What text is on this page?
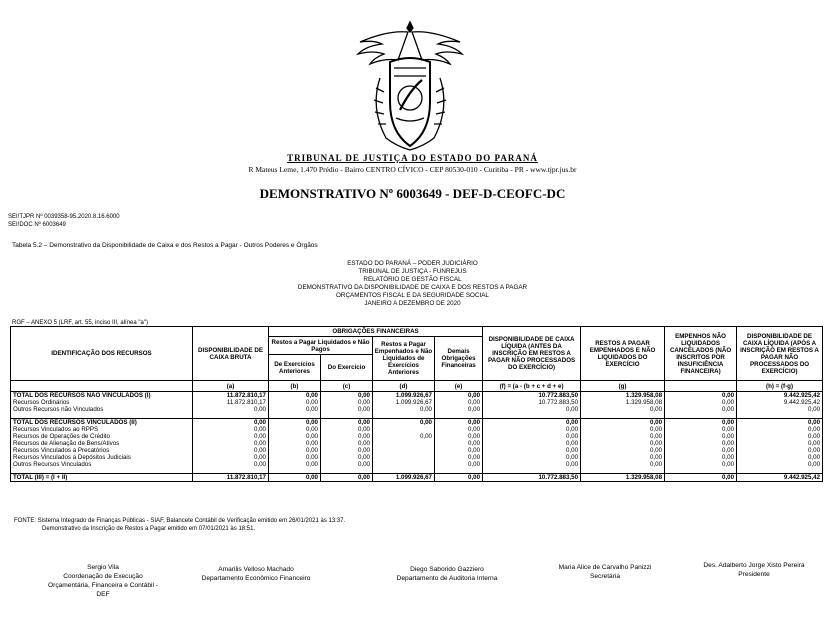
TRIBUNAL DE JUSTIÇA DO ESTADO DO PARANÁ
R Mateus Leme, 1.470 Prédio - Bairro CENTRO CÍVICO - CEP 80530-010 - Curitiba - PR - www.tjpr.jus.br
DEMONSTRATIVO Nº 6003649 - DEF-D-CEOFC-DC
SEI!TJPR Nº 0039358-95.2020.8.16.6000
SEI!DOC Nº 6003649
Tabela 5.2 – Demonstrativo da Disponibilidade de Caixa e dos Restos a Pagar - Outros Poderes e Órgãos
ESTADO DO PARANÁ – PODER JUDICIÁRIO
TRIBUNAL DE JUSTIÇA - FUNREJUS
RELATÓRIO DE GESTÃO FISCAL
DEMONSTRATIVO DA DISPONIBILIDADE DE CAIXA E DOS RESTOS A PAGAR
ORÇAMENTOS FISCAL E DA SEGURIDADE SOCIAL
JANEIRO A DEZEMBRO DE 2020
RGF – ANEXO 5 (LRF, art. 55, inciso III, alínea "a")
IDENTIFICAÇÃO DOS RECURSOS	DISPONIBILIDADE DE CAIXA BRUTA	OBRIGAÇÕES FINANCEIRAS				DISPONIBILIDADE DE CAIXA LÍQUIDA (ANTES DA INSCRIÇÃO EM RESTOS A PAGAR NÃO PROCESSADOS DO EXERCÍCIO)	RESTOS A PAGAR EMPENHADOS E NÃO LIQUIDADOS DO EXERCÍCIO	EMPENHOS NÃO LIQUIDADOS CANCELADOS (NÃO INSCRITOS POR INSUFICIÊNCIA FINANCEIRA)	DISPONIBILIDADE DE CAIXA LÍQUIDA (APÓS A INSCRIÇÃO EM RESTOS A PAGAR NÃO PROCESSADOS DO EXERCÍCIO)
		Restos a Pagar Liquidados e Não Pagos		Restos a Pagar Empenhados e Não Liquidados de Exercícios Anteriores	Demais Obrigações Financeiras				
		De Exercícios Anteriores	Do Exercício						
	(a)	(b)	(c)	(d)	(e)	(f) = (a - (b + c + d + e)	(g)		(h) = (f-g)
TOTAL DOS RECURSOS NÃO VINCULADOS (I)	11.872.810,17	0,00	0,00	1.099.926,67	0,00	10.772.883,50	1.329.958,08	0,00	9.442.925,42
Recursos Ordinários	11.872.810,17	0,00	0,00	1.099.926,67	0,00	10.772.883,50	1.329.958,08	0,00	9.442.925,42
Outros Recursos não Vinculados	0,00	0,00	0,00	0,00	0,00	0,00	0,00	0,00	0,00

TOTAL DOS RECURSOS VINCULADOS (II)	0,00	0,00	0,00	0,00	0,00	0,00	0,00	0,00	0,00
Recursos Vinculados ao RPPS	0,00	0,00	0,00		0,00	0,00	0,00	0,00	0,00
Recursos de Operações de Crédito	0,00	0,00	0,00	0,00	0,00	0,00	0,00	0,00	0,00
Recursos de Alienação de Bens/Ativos	0,00	0,00	0,00		0,00	0,00	0,00	0,00	0,00
Recursos Vinculados a Precatórios	0,00	0,00	0,00		0,00	0,00	0,00	0,00	0,00
Recursos Vinculados a Depósitos Judiciais	0,00	0,00	0,00		0,00	0,00	0,00	0,00	0,00
Outros Recursos Vinculados	0,00	0,00	0,00		0,00	0,00	0,00	0,00	0,00

TOTAL (III) = (I + II)	11.872.810,17	0,00	0,00	1.099.926,67	0,00	10.772.883,50	1.329.958,08	0,00	9.442.925,42
FONTE: Sistema Integrado de Finanças Públicas - SIAF, Balancete Contábil de Verificação emitido em 26/01/2021 às 13:37.
Demonstrativo da Inscrição de Restos a Pagar emitido em 07/01/2021 às 18:51.
Sergio Vila
Coordenação de Execução Orçamentária, Financeira e Contábil - DEF
Amarilis Velloso Machado
Departamento Econômico Financeiro
Diego Saborido Gazziero
Departamento de Auditoria Interna
Maria Alice de Carvalho Panizzi
Secretária
Des. Adalberto Jorge Xisto Pereira
Presidente
